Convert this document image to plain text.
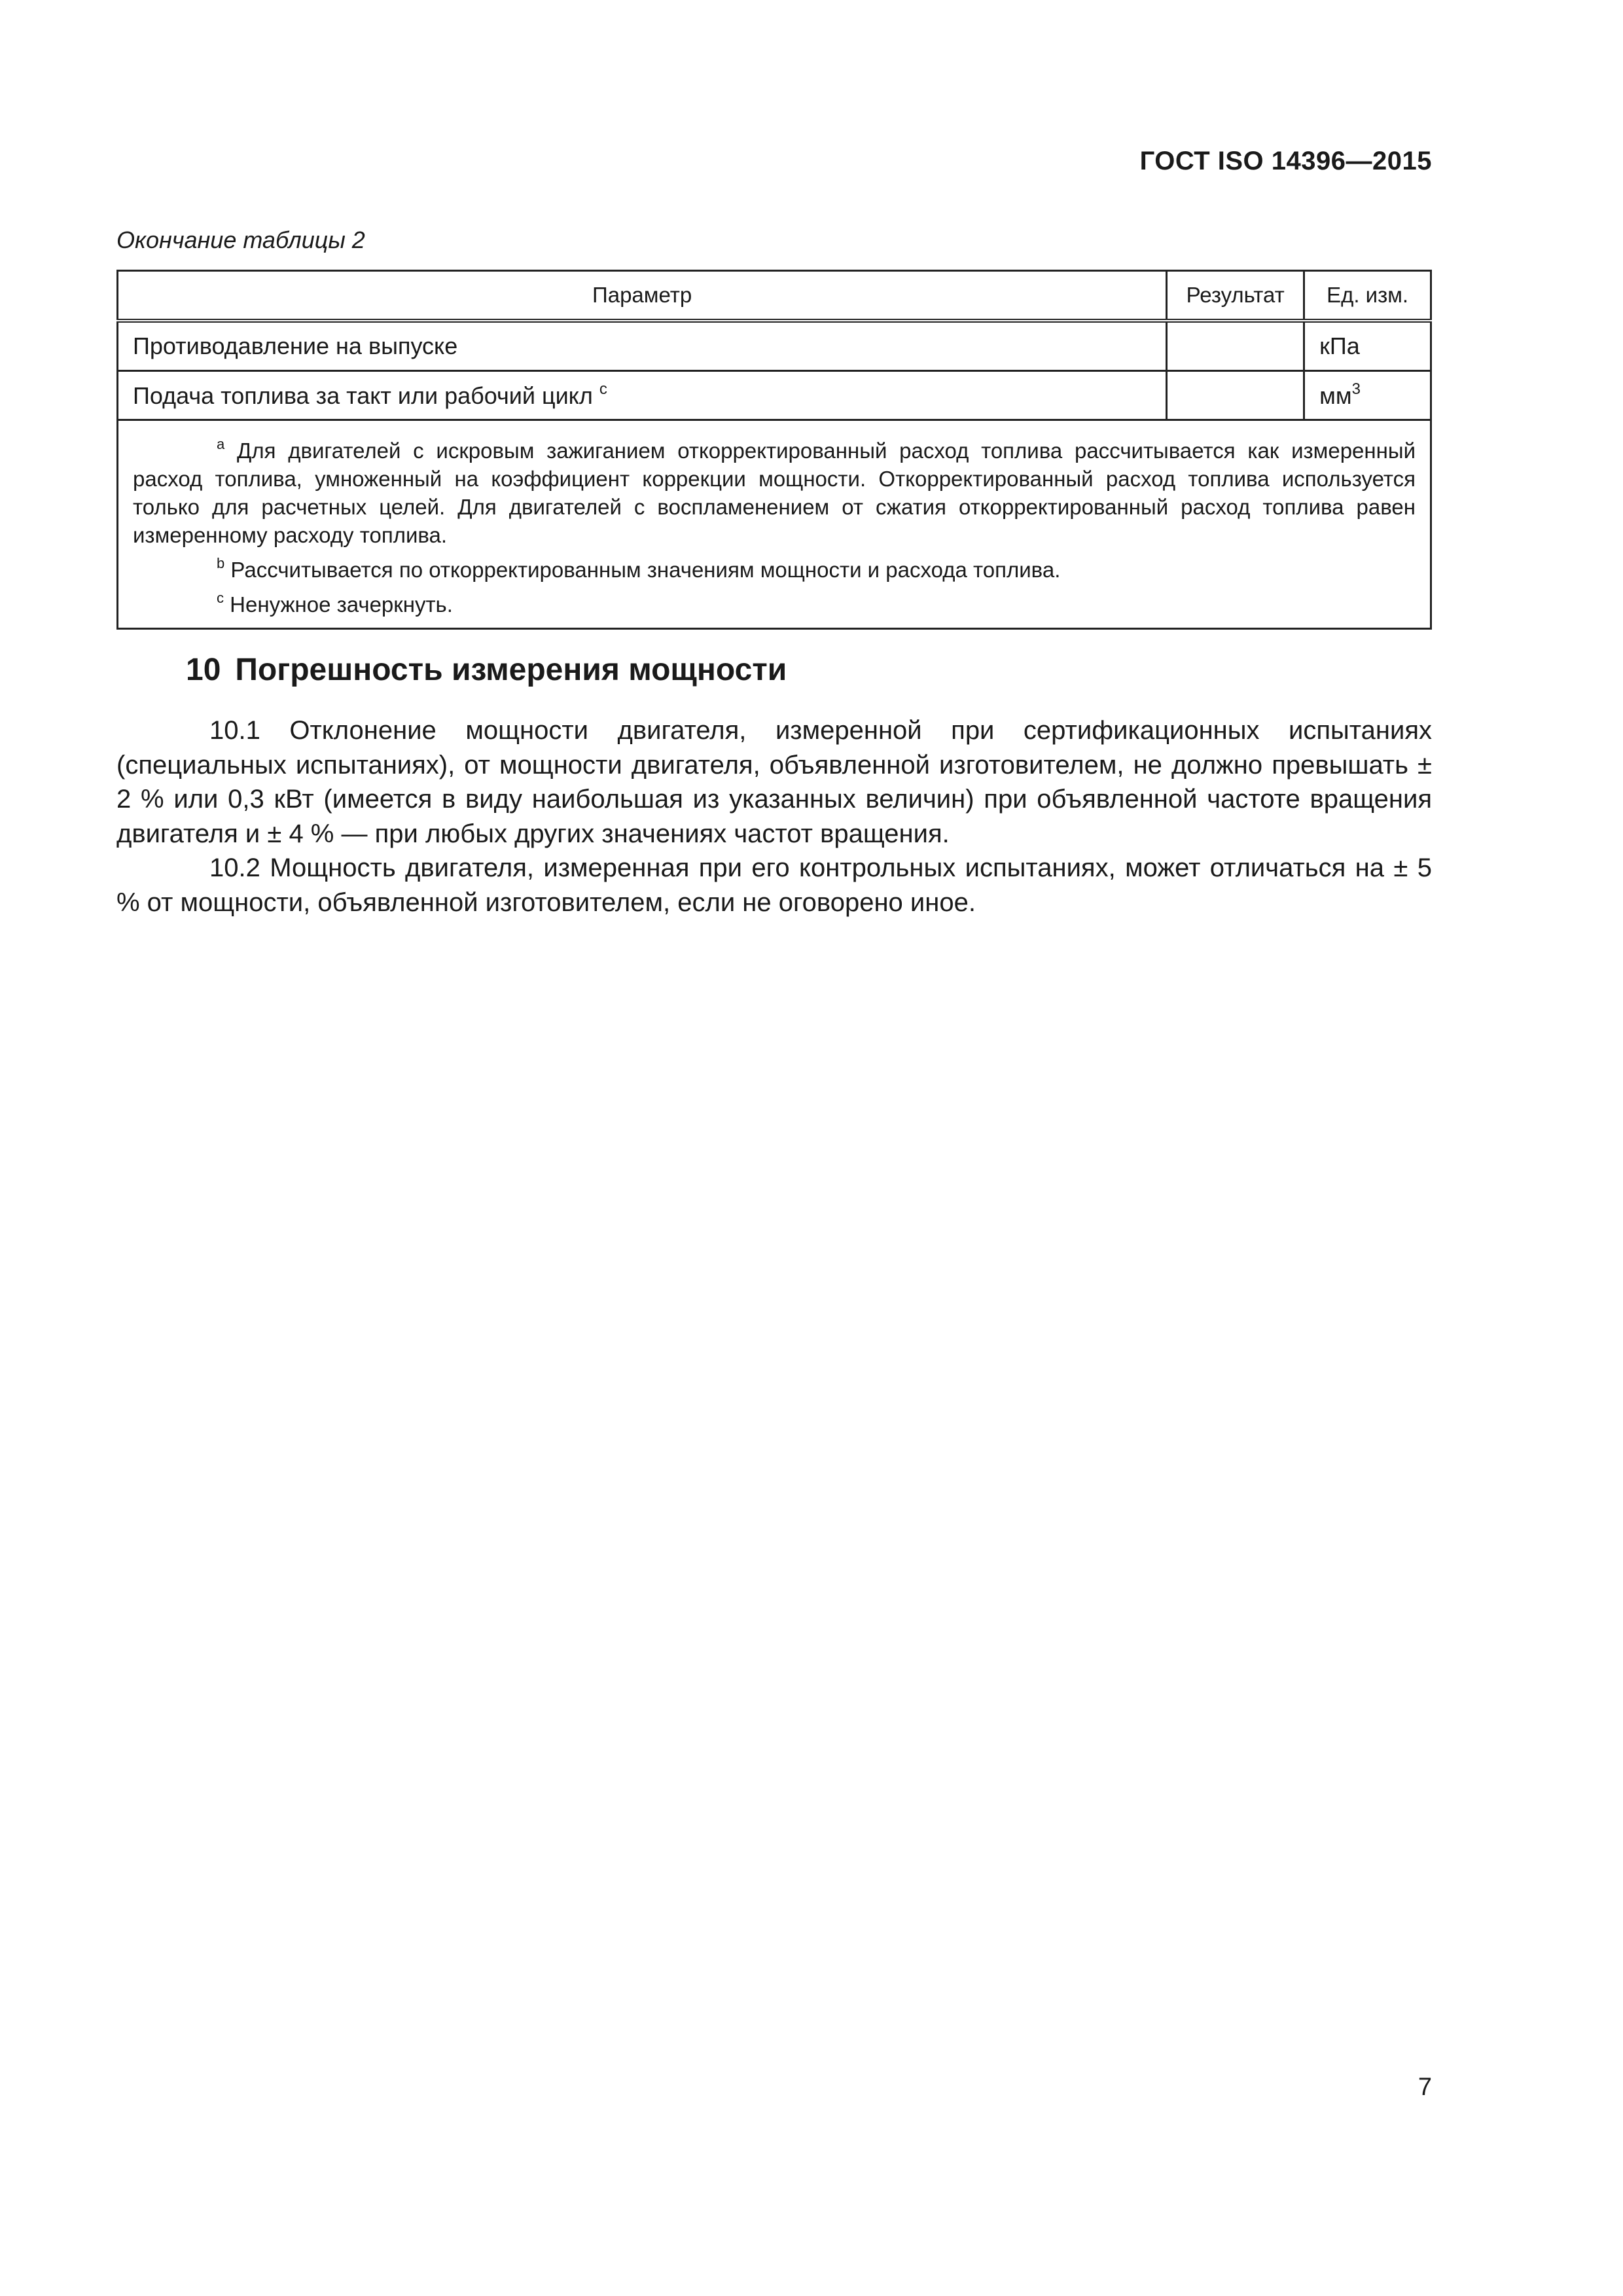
ГОСТ ISO 14396—2015
Окончание таблицы 2
Параметр	Результат	Ед. изм.
Противодавление на выпуске		кПа
Подача топлива за такт или рабочий цикл $^c$		$мм^3$

$^a$ Для двигателей с искровым зажиганием откорректированный расход топлива рассчитывается как измеренный расход топлива, умноженный на коэффициент коррекции мощности. Откорректированный расход топлива используется только для расчетных целей. Для двигателей с воспламенением от сжатия откорректированный расход топлива равен измеренному расходу топлива.

$^b$ Рассчитывается по откорректированным значениям мощности и расхода топлива.

$^c$ Ненужное зачеркнуть.		

10 Погрешность измерения мощности

10.1 Отклонение мощности двигателя, измеренной при сертификационных испытаниях (специальных испытаниях), от мощности двигателя, объявленной изготовителем, не должно превышать ± 2 % или 0,3 кВт (имеется в виду наибольшая из указанных величин) при объявленной частоте вращения двигателя и ± 4 % — при любых других значениях частот вращения.

10.2 Мощность двигателя, измеренная при его контрольных испытаниях, может отличаться на ± 5 % от мощности, объявленной изготовителем, если не оговорено иное.

7
